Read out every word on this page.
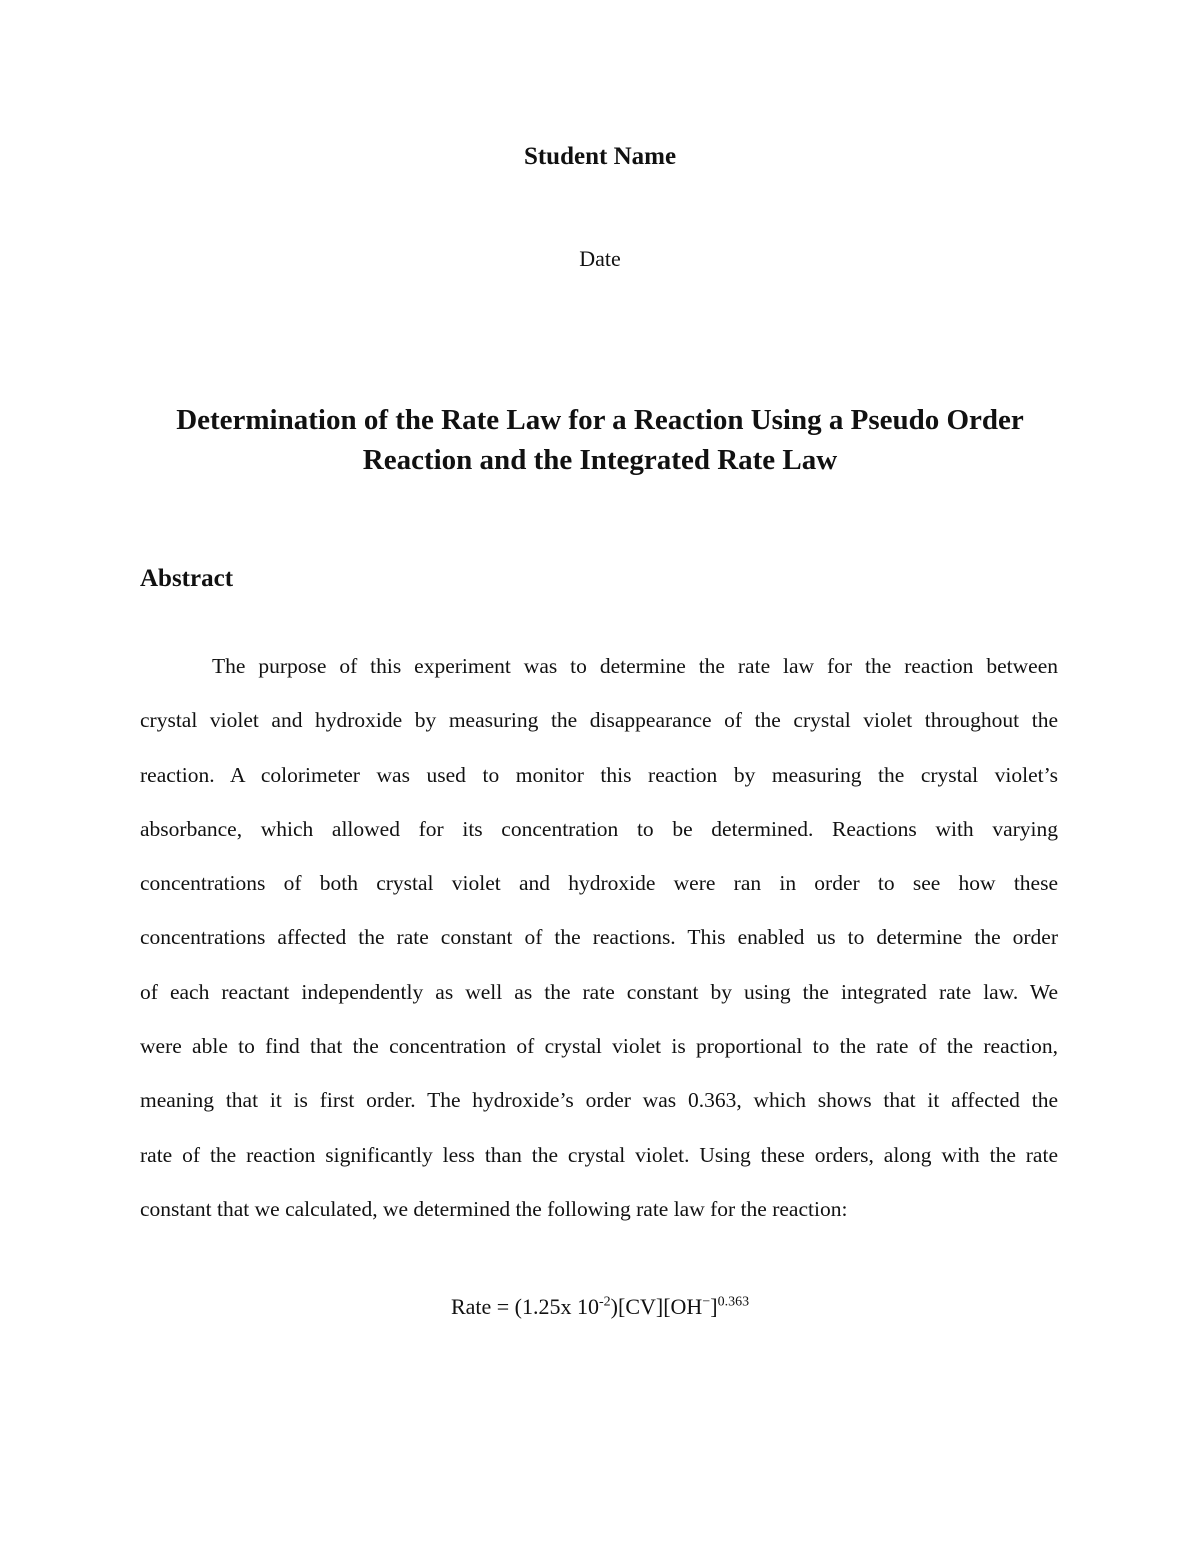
Student Name
Date
Determination of the Rate Law for a Reaction Using a Pseudo Order
Reaction and the Integrated Rate Law
Abstract
The purpose of this experiment was to determine the rate law for the reaction between
crystal violet and hydroxide by measuring the disappearance of the crystal violet throughout the
reaction. A colorimeter was used to monitor this reaction by measuring the crystal violet’s
absorbance, which allowed for its concentration to be determined. Reactions with varying
concentrations of both crystal violet and hydroxide were ran in order to see how these
concentrations affected the rate constant of the reactions. This enabled us to determine the order
of each reactant independently as well as the rate constant by using the integrated rate law. We
were able to find that the concentration of crystal violet is proportional to the rate of the reaction,
meaning that it is first order. The hydroxide’s order was 0.363, which shows that it affected the
rate of the reaction significantly less than the crystal violet. Using these orders, along with the rate
constant that we calculated, we determined the following rate law for the reaction:
Rate = (1.25x $10^{-2})[CV][OH^-]^{0.363}$
